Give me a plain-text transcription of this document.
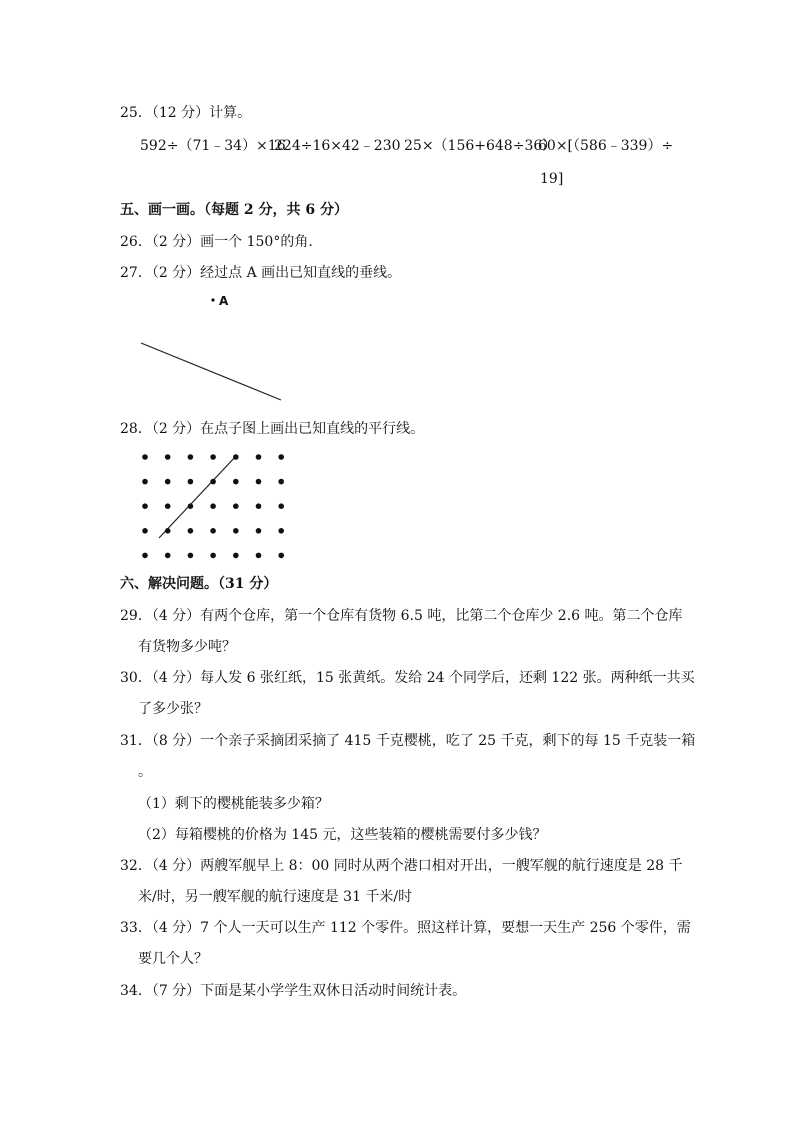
25．（12 分）计算。
592÷（71﹣34）×16
224÷16×42﹣230 25×（156+648÷36）
60×[（586﹣339）÷
19]
五、画一画。（每题 2 分，共 6 分）
26．（2 分）画一个 150°的角.
27．（2 分）经过点 A 画出已知直线的垂线。
A
28．（2 分）在点子图上画出已知直线的平行线。
六、解决问题。（31 分）
29．（4 分）有两个仓库，第一个仓库有货物 6.5 吨，比第二个仓库少 2.6 吨。第二个仓库
有货物多少吨？
30．（4 分）每人发 6 张红纸，15 张黄纸。发给 24 个同学后，还剩 122 张。两种纸一共买
了多少张？
31．（8 分）一个亲子采摘团采摘了 415 千克樱桃，吃了 25 千克，剩下的每 15 千克装一箱
。
（1）剩下的樱桃能装多少箱？
（2）每箱樱桃的价格为 145 元，这些装箱的樱桃需要付多少钱？
32．（4 分）两艘军舰早上 8：00 同时从两个港口相对开出，一艘军舰的航行速度是 28 千
米/时，另一艘军舰的航行速度是 31 千米/时
33．（4 分）7 个人一天可以生产 112 个零件。照这样计算，要想一天生产 256 个零件，需
要几个人？
34．（7 分）下面是某小学学生双休日活动时间统计表。
